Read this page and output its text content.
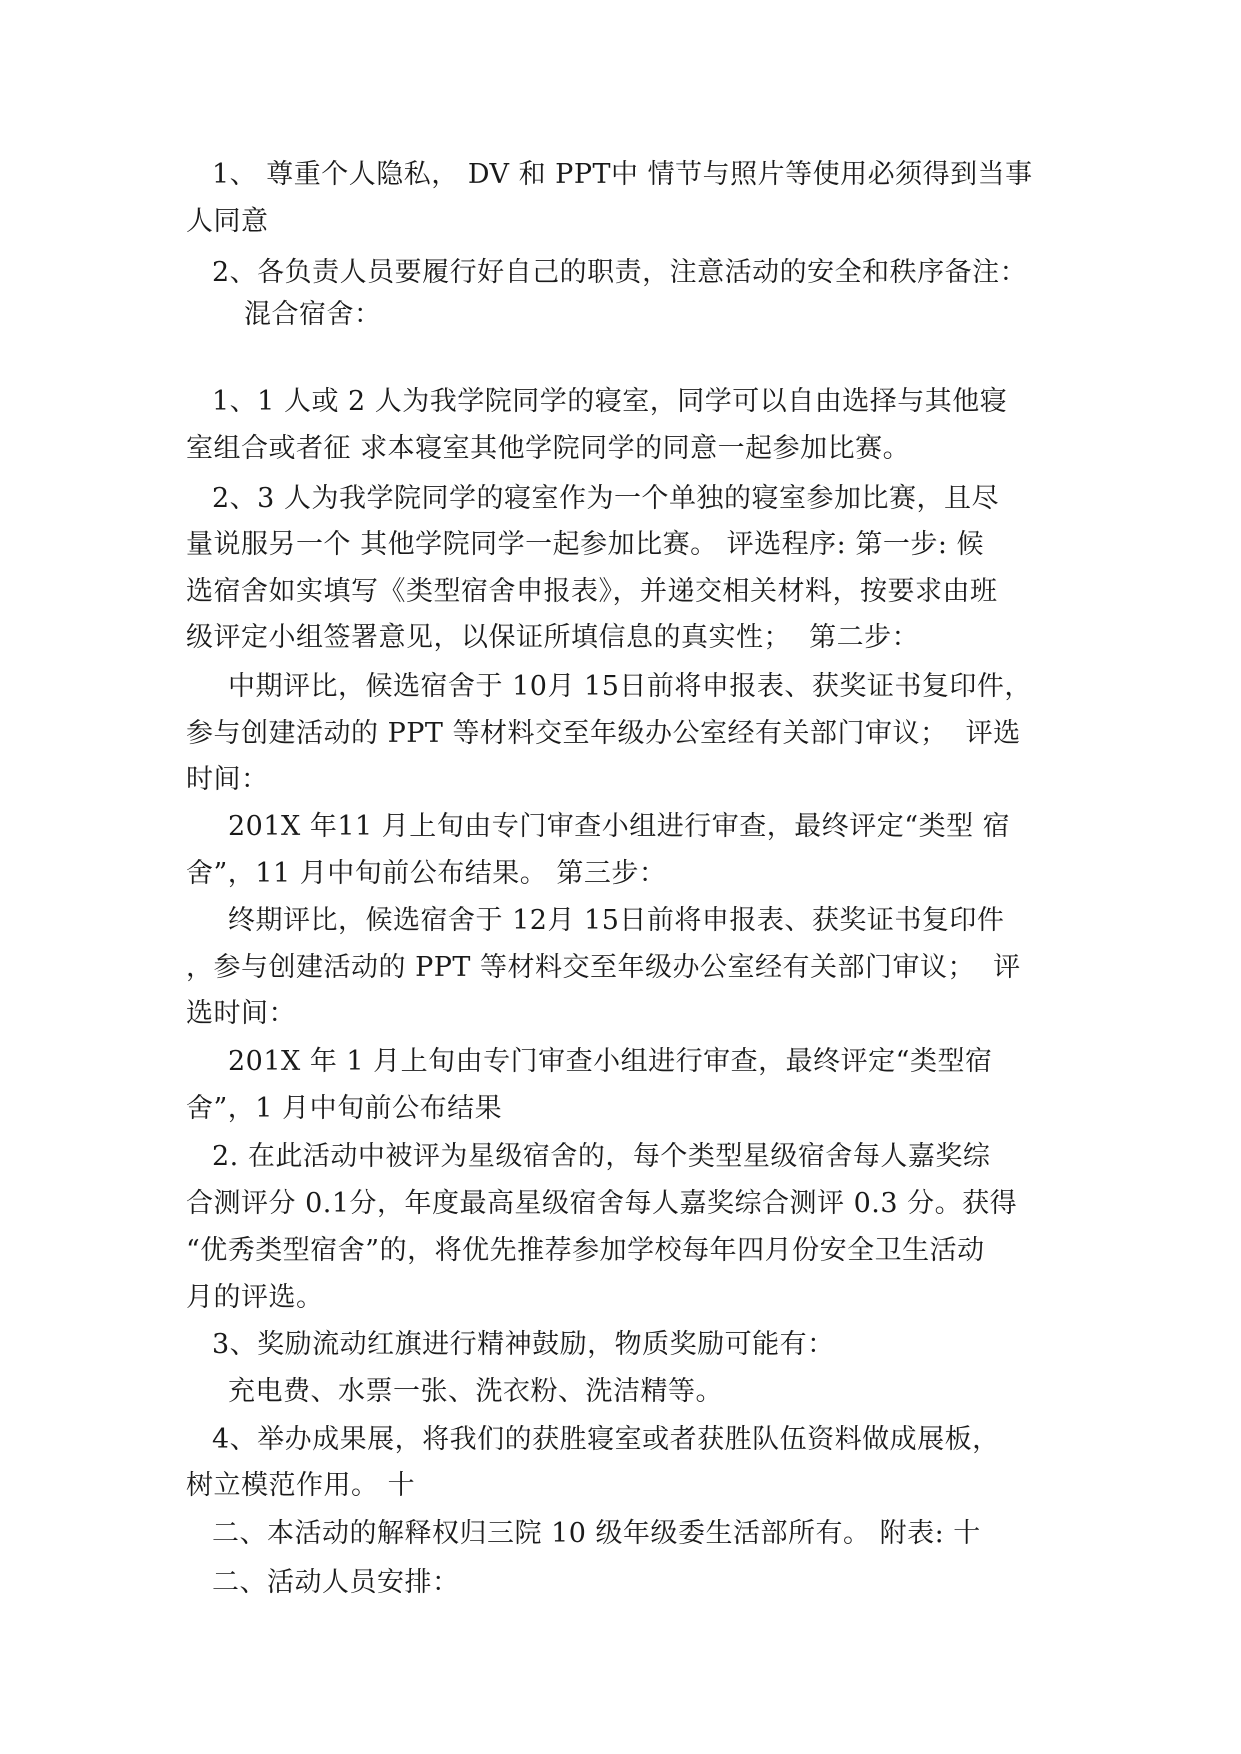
1、 尊重个人隐私， DV 和 PPT中 情节与照片等使用必须得到当事
人同意
2、各负责人员要履行好自己的职责，注意活动的安全和秩序备注：
混合宿舍：
1、1 人或 2 人为我学院同学的寝室，同学可以自由选择与其他寝
室组合或者征 求本寝室其他学院同学的同意一起参加比赛。
2、3 人为我学院同学的寝室作为一个单独的寝室参加比赛，且尽
量说服另一个 其他学院同学一起参加比赛。 评选程序: 第一步: 候
选宿舍如实填写《类型宿舍申报表》，并递交相关材料，按要求由班
级评定小组签署意见，以保证所填信息的真实性；  第二步：
中期评比，候选宿舍于 10月 15日前将申报表、获奖证书复印件，
参与创建活动的 PPT 等材料交至年级办公室经有关部门审议；  评选
时间：
201X 年11 月上旬由专门审查小组进行审查，最终评定“类型 宿
舍”，11 月中旬前公布结果。 第三步：
终期评比，候选宿舍于 12月 15日前将申报表、获奖证书复印件
，参与创建活动的 PPT 等材料交至年级办公室经有关部门审议；  评
选时间：
201X 年 1 月上旬由专门审查小组进行审查，最终评定“类型宿
舍”，1 月中旬前公布结果
2. 在此活动中被评为星级宿舍的，每个类型星级宿舍每人嘉奖综
合测评分 0.1分，年度最高星级宿舍每人嘉奖综合测评 0.3 分。获得
“优秀类型宿舍”的，将优先推荐参加学校每年四月份安全卫生活动
月的评选。
3、奖励流动红旗进行精神鼓励，物质奖励可能有：
充电费、水票一张、洗衣粉、洗洁精等。
4、举办成果展，将我们的获胜寝室或者获胜队伍资料做成展板，
树立模范作用。 十
二、本活动的解释权归三院 10 级年级委生活部所有。 附表: 十
二、活动人员安排：
